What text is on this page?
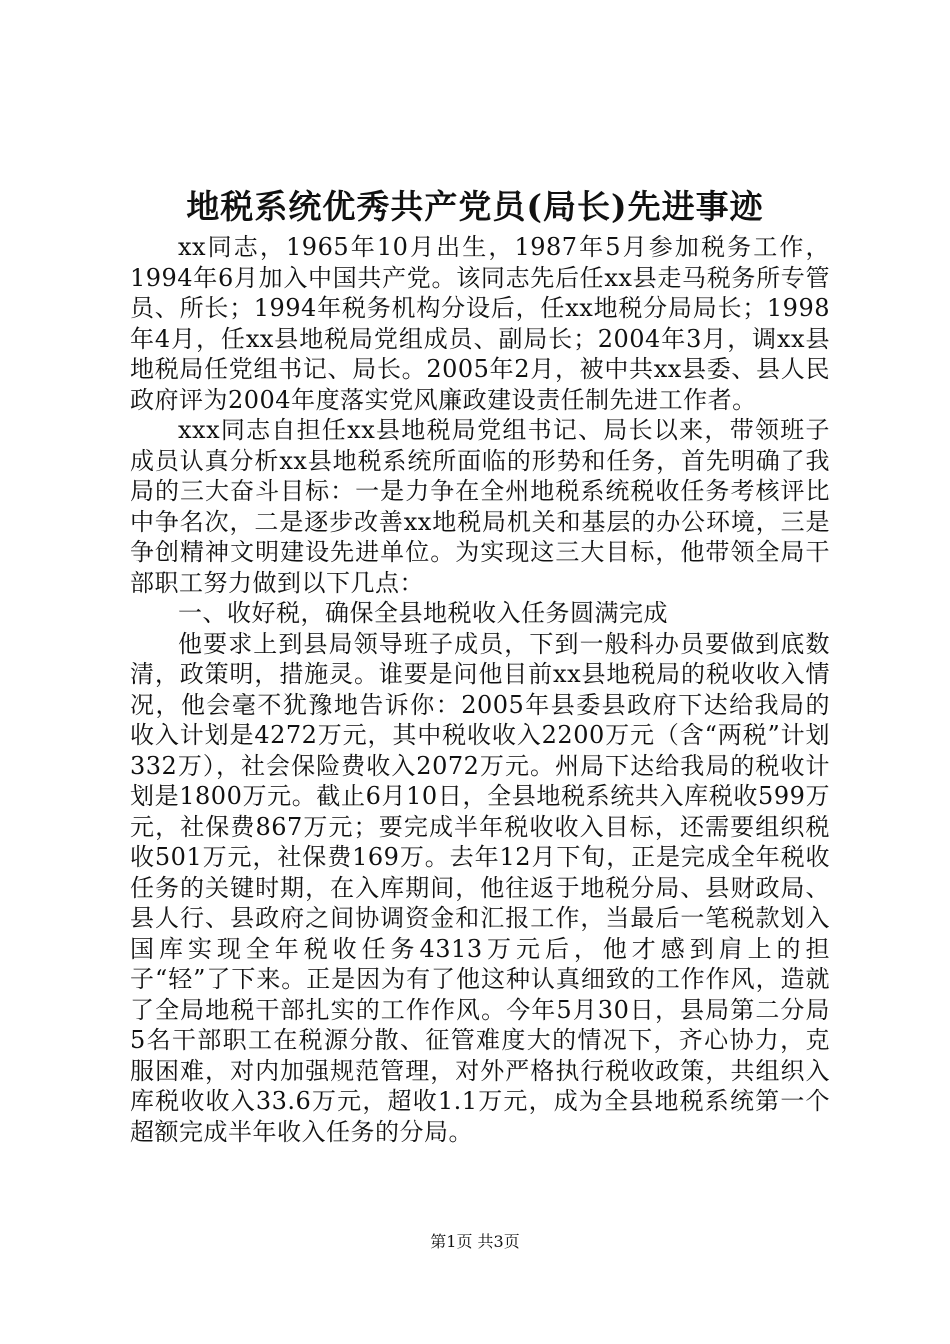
地税系统优秀共产党员(局长)先进事迹

xx同志，1965年10月出生，1987年5月参加税务工作，1994年6月加入中国共产党。该同志先后任xx县走马税务所专管员、所长；1994年税务机构分设后，任xx地税分局局长；1998年4月，任xx县地税局党组成员、副局长；2004年3月，调xx县地税局任党组书记、局长。2005年2月，被中共xx县委、县人民政府评为2004年度落实党风廉政建设责任制先进工作者。

xxx同志自担任xx县地税局党组书记、局长以来，带领班子成员认真分析xx县地税系统所面临的形势和任务，首先明确了我局的三大奋斗目标：一是力争在全州地税系统税收任务考核评比中争名次，二是逐步改善xx地税局机关和基层的办公环境，三是争创精神文明建设先进单位。为实现这三大目标，他带领全局干部职工努力做到以下几点：

一、收好税，确保全县地税收入任务圆满完成

他要求上到县局领导班子成员，下到一般科办员要做到底数清，政策明，措施灵。谁要是问他目前xx县地税局的税收收入情况，他会毫不犹豫地告诉你：2005年县委县政府下达给我局的收入计划是4272万元，其中税收收入2200万元（含“两税”计划332万），社会保险费收入2072万元。州局下达给我局的税收计划是1800万元。截止6月10日，全县地税系统共入库税收599万元，社保费867万元；要完成半年税收收入目标，还需要组织税收501万元，社保费169万。去年12月下旬，正是完成全年税收任务的关键时期，在入库期间，他往返于地税分局、县财政局、县人行、县政府之间协调资金和汇报工作，当最后一笔税款划入国库实现全年税收任务4313万元后，他才感到肩上的担子“轻”了下来。正是因为有了他这种认真细致的工作作风，造就了全局地税干部扎实的工作作风。今年5月30日，县局第二分局5名干部职工在税源分散、征管难度大的情况下，齐心协力，克服困难，对内加强规范管理，对外严格执行税收政策，共组织入库税收收入33.6万元，超收1.1万元，成为全县地税系统第一个超额完成半年收入任务的分局。

第1页 共3页
